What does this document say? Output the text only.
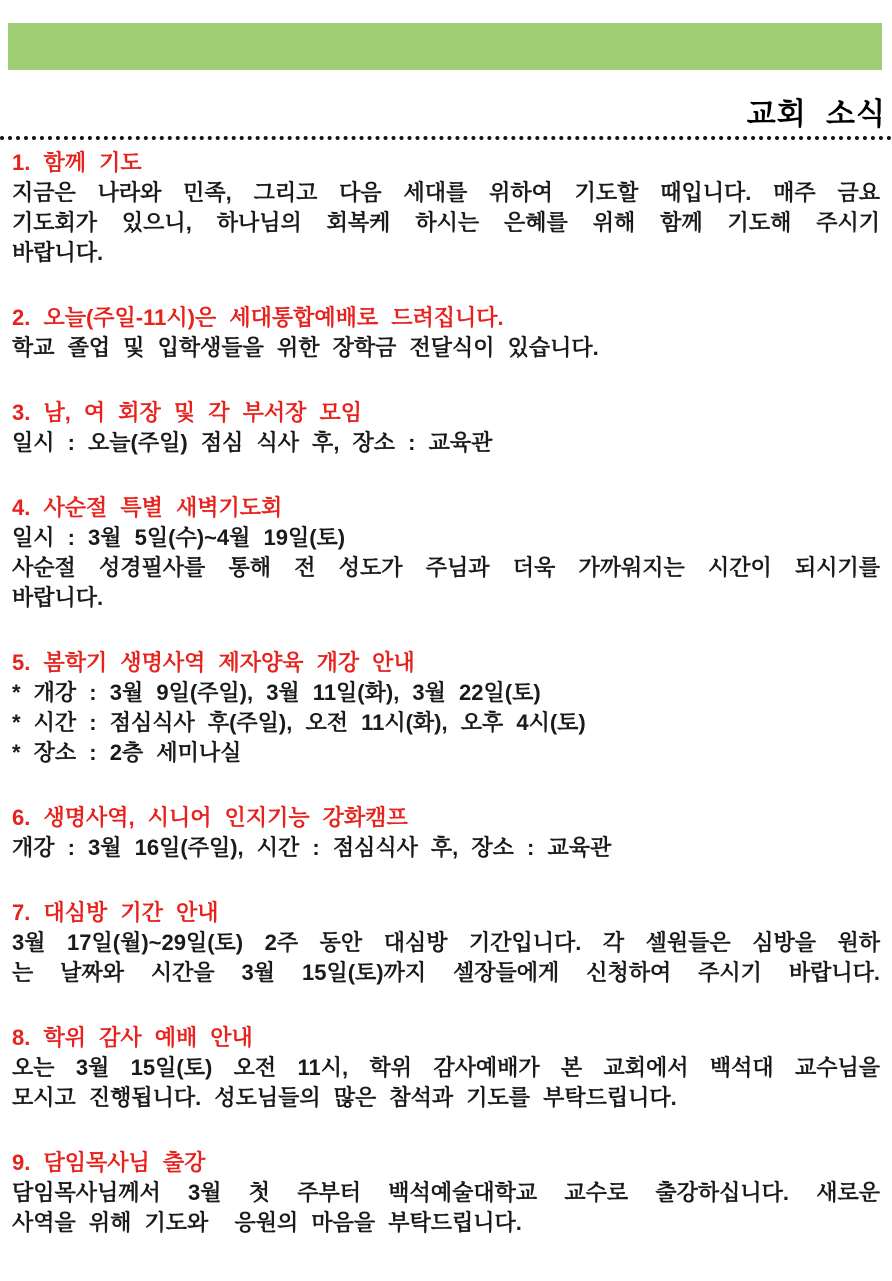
교회 소식
1. 함께 기도
지금은 나라와 민족, 그리고 다음 세대를 위하여 기도할 때입니다. 매주 금요
기도회가 있으니, 하나님의 회복케 하시는 은혜를 위해 함께 기도해 주시기
바랍니다.
2. 오늘(주일-11시)은 세대통합예배로 드려집니다.
학교 졸업 및 입학생들을 위한 장학금 전달식이 있습니다.
3. 남, 여 회장 및 각 부서장 모임
일시 : 오늘(주일) 점심 식사 후, 장소 : 교육관
4. 사순절 특별 새벽기도회
일시 : 3월 5일(수)~4월 19일(토)
사순절 성경필사를 통해 전 성도가 주님과 더욱 가까워지는 시간이 되시기를
바랍니다.
5. 봄학기 생명사역 제자양육 개강 안내
* 개강 : 3월 9일(주일), 3월 11일(화), 3월 22일(토)
* 시간 : 점심식사 후(주일), 오전 11시(화), 오후 4시(토)
* 장소 : 2층 세미나실
6. 생명사역, 시니어 인지기능 강화캠프
개강 : 3월 16일(주일), 시간 : 점심식사 후, 장소 : 교육관
7. 대심방 기간 안내
3월 17일(월)~29일(토) 2주 동안 대심방 기간입니다. 각 셀원들은 심방을 원하
는 날짜와 시간을 3월 15일(토)까지 셀장들에게 신청하여 주시기 바랍니다.
8. 학위 감사 예배 안내
오는 3월 15일(토) 오전 11시, 학위 감사예배가 본 교회에서 백석대 교수님을
모시고 진행됩니다. 성도님들의 많은 참석과 기도를 부탁드립니다.
9. 담임목사님 출강
담임목사님께서 3월 첫 주부터 백석예술대학교 교수로 출강하십니다. 새로운
사역을 위해 기도와  응원의 마음을 부탁드립니다.
